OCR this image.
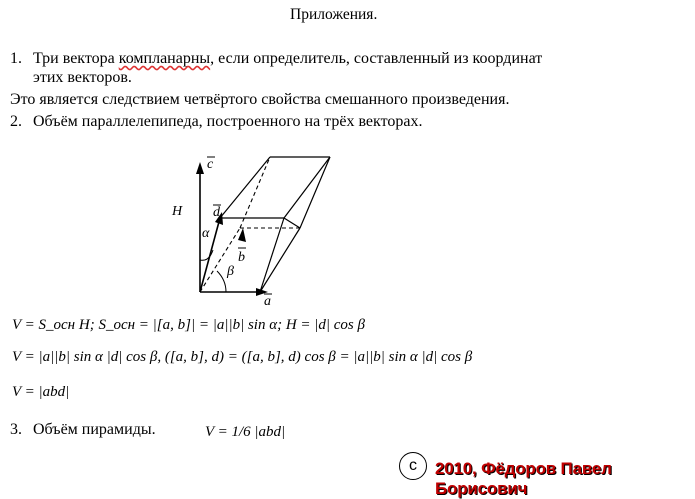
Приложения.
1. Три вектора компланарны, если определитель, составленный из координат
этих векторов.
Это является следствием четвёртого свойства смешанного произведения.
2. Объём параллелепипеда, построенного на трёх векторах.
c
d
b
a
H
α
β
V = S_осн H; S_осн = |[a, b]| = |a||b| sin α; H = |d| cos β
V = |a||b| sin α |d| cos β, ([a, b], d) = ([a, b], d) cos β = |a||b| sin α |d| cos β
V = |abd|
3. Объём пирамиды.	V = 1/6 |abd|
c	2010, Фёдоров Павел Борисович
